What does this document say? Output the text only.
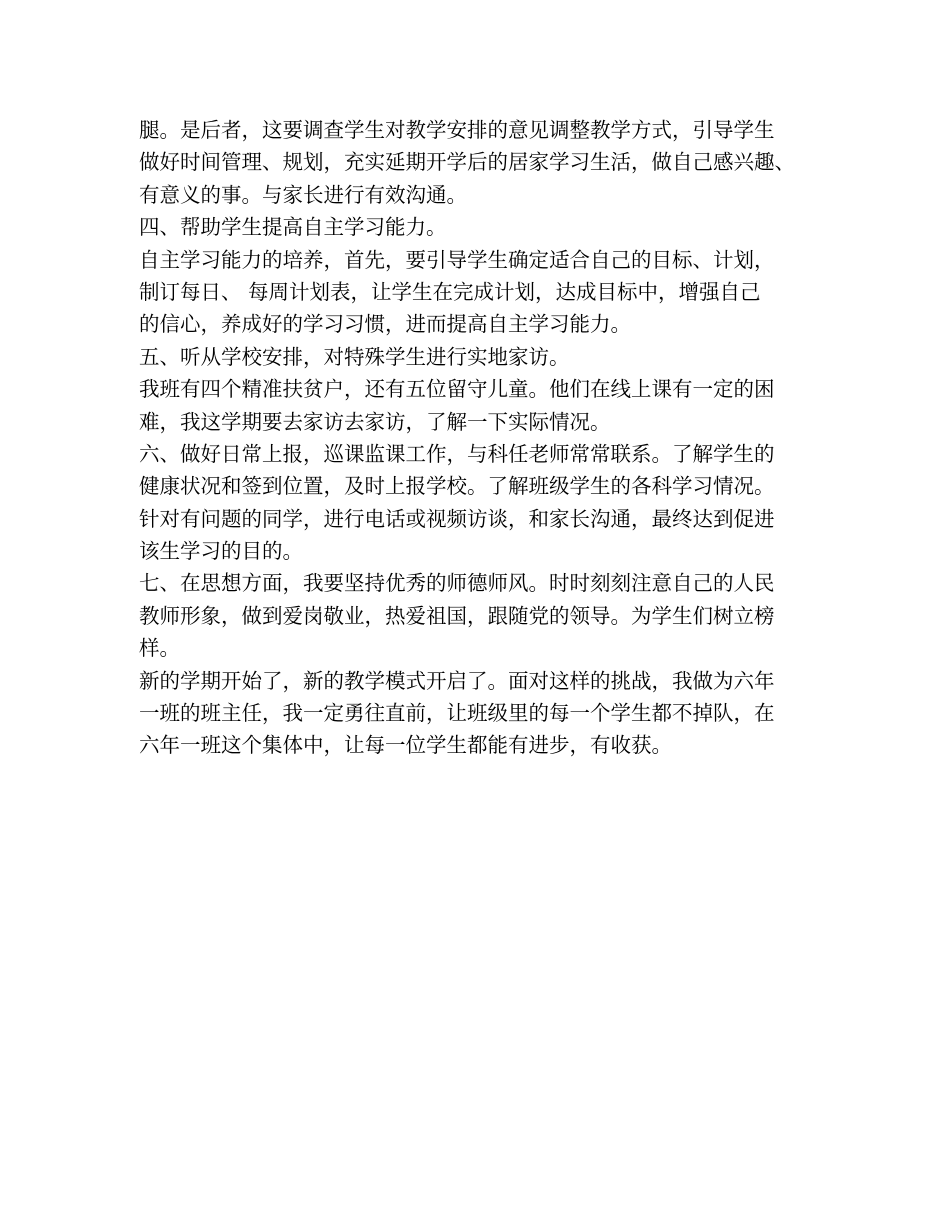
腿。是后者，这要调查学生对教学安排的意见调整教学方式，引导学生
做好时间管理、规划，充实延期开学后的居家学习生活，做自己感兴趣、
有意义的事。与家长进行有效沟通。
四、帮助学生提高自主学习能力。
自主学习能力的培养，首先，要引导学生确定适合自己的目标、计划，
制订每日、 每周计划表，让学生在完成计划，达成目标中，增强自己
的信心，养成好的学习习惯，进而提高自主学习能力。
五、听从学校安排，对特殊学生进行实地家访。
我班有四个精准扶贫户，还有五位留守儿童。他们在线上课有一定的困
难，我这学期要去家访去家访，了解一下实际情况。
六、做好日常上报，巡课监课工作，与科任老师常常联系。了解学生的
健康状况和签到位置，及时上报学校。了解班级学生的各科学习情况。
针对有问题的同学，进行电话或视频访谈，和家长沟通，最终达到促进
该生学习的目的。
七、在思想方面，我要坚持优秀的师德师风。时时刻刻注意自己的人民
教师形象，做到爱岗敬业，热爱祖国，跟随党的领导。为学生们树立榜
样。
新的学期开始了，新的教学模式开启了。面对这样的挑战，我做为六年
一班的班主任，我一定勇往直前，让班级里的每一个学生都不掉队，在
六年一班这个集体中，让每一位学生都能有进步，有收获。
